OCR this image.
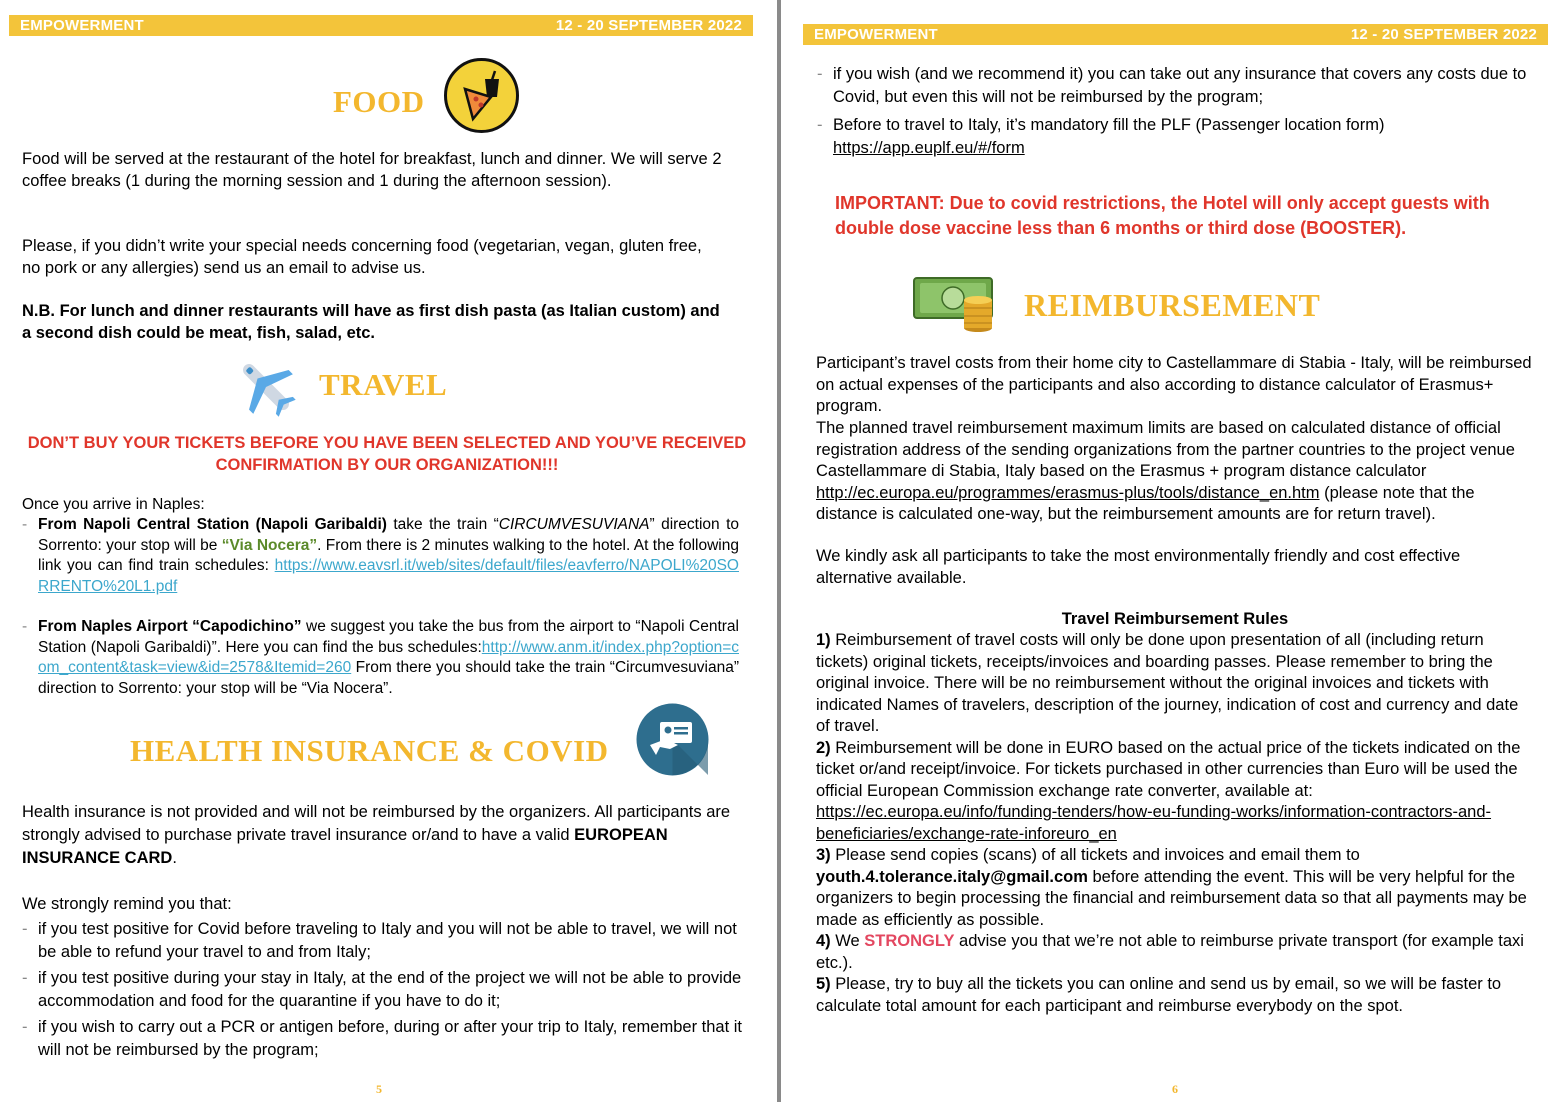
EMPOWERMENT	12 - 20 SEPTEMBER 2022
FOOD
Food will be served at the restaurant of the hotel for breakfast, lunch and dinner. We will serve 2 coffee breaks (1 during the morning session and 1 during the afternoon session).
Please, if you didn’t write your special needs concerning food (vegetarian, vegan, gluten free, no pork or any allergies) send us an email to advise us.
N.B. For lunch and dinner restaurants will have as first dish pasta (as Italian custom) and a second dish could be meat, fish, salad, etc.
TRAVEL
DON’T BUY YOUR TICKETS BEFORE YOU HAVE BEEN SELECTED AND YOU’VE RECEIVED CONFIRMATION BY OUR ORGANIZATION!!!
Once you arrive in Naples:
- From Napoli Central Station (Napoli Garibaldi) take the train “CIRCUMVESUVIANA” direction to Sorrento: your stop will be “Via Nocera”. From there is 2 minutes walking to the hotel. At the following link you can find train schedules: https://www.eavsrl.it/web/sites/default/files/eavferro/NAPOLI%20SORRENTO%20L1.pdf
- From Naples Airport “Capodichino” we suggest you take the bus from the airport to “Napoli Central Station (Napoli Garibaldi)”. Here you can find the bus schedules:http://www.anm.it/index.php?option=com_content&task=view&id=2578&Itemid=260 From there you should take the train “Circumvesuviana” direction to Sorrento: your stop will be “Via Nocera”.
HEALTH INSURANCE & COVID
Health insurance is not provided and will not be reimbursed by the organizers. All participants are strongly advised to purchase private travel insurance or/and to have a valid EUROPEAN INSURANCE CARD.
We strongly remind you that:
- if you test positive for Covid before traveling to Italy and you will not be able to travel, we will not be able to refund your travel to and from Italy;
- if you test positive during your stay in Italy, at the end of the project we will not be able to provide accommodation and food for the quarantine if you have to do it;
- if you wish to carry out a PCR or antigen before, during or after your trip to Italy, remember that it will not be reimbursed by the program;
5
EMPOWERMENT	12 - 20 SEPTEMBER 2022
- if you wish (and we recommend it) you can take out any insurance that covers any costs due to Covid, but even this will not be reimbursed by the program;
- Before to travel to Italy, it’s mandatory fill the PLF (Passenger location form) https://app.euplf.eu/#/form
IMPORTANT: Due to covid restrictions, the Hotel will only accept guests with double dose vaccine less than 6 months or third dose (BOOSTER).
REIMBURSEMENT
Participant’s travel costs from their home city to Castellammare di Stabia - Italy, will be reimbursed on actual expenses of the participants and also according to distance calculator of Erasmus+ program.
The planned travel reimbursement maximum limits are based on calculated distance of official registration address of the sending organizations from the partner countries to the project venue Castellammare di Stabia, Italy based on the Erasmus + program distance calculator http://ec.europa.eu/programmes/erasmus-plus/tools/distance_en.htm (please note that the distance is calculated one-way, but the reimbursement amounts are for return travel).
We kindly ask all participants to take the most environmentally friendly and cost effective alternative available.
Travel Reimbursement Rules
1) Reimbursement of travel costs will only be done upon presentation of all (including return tickets) original tickets, receipts/invoices and boarding passes. Please remember to bring the original invoice. There will be no reimbursement without the original invoices and tickets with indicated Names of travelers, description of the journey, indication of cost and currency and date of travel.
2) Reimbursement will be done in EURO based on the actual price of the tickets indicated on the ticket or/and receipt/invoice. For tickets purchased in other currencies than Euro will be used the official European Commission exchange rate converter, available at: https://ec.europa.eu/info/funding-tenders/how-eu-funding-works/information-contractors-and-beneficiaries/exchange-rate-inforeuro_en
3) Please send copies (scans) of all tickets and invoices and email them to youth.4.tolerance.italy@gmail.com before attending the event. This will be very helpful for the organizers to begin processing the financial and reimbursement data so that all payments may be made as efficiently as possible.
4) We STRONGLY advise you that we’re not able to reimburse private transport (for example taxi etc.).
5) Please, try to buy all the tickets you can online and send us by email, so we will be faster to calculate total amount for each participant and reimburse everybody on the spot.
6
